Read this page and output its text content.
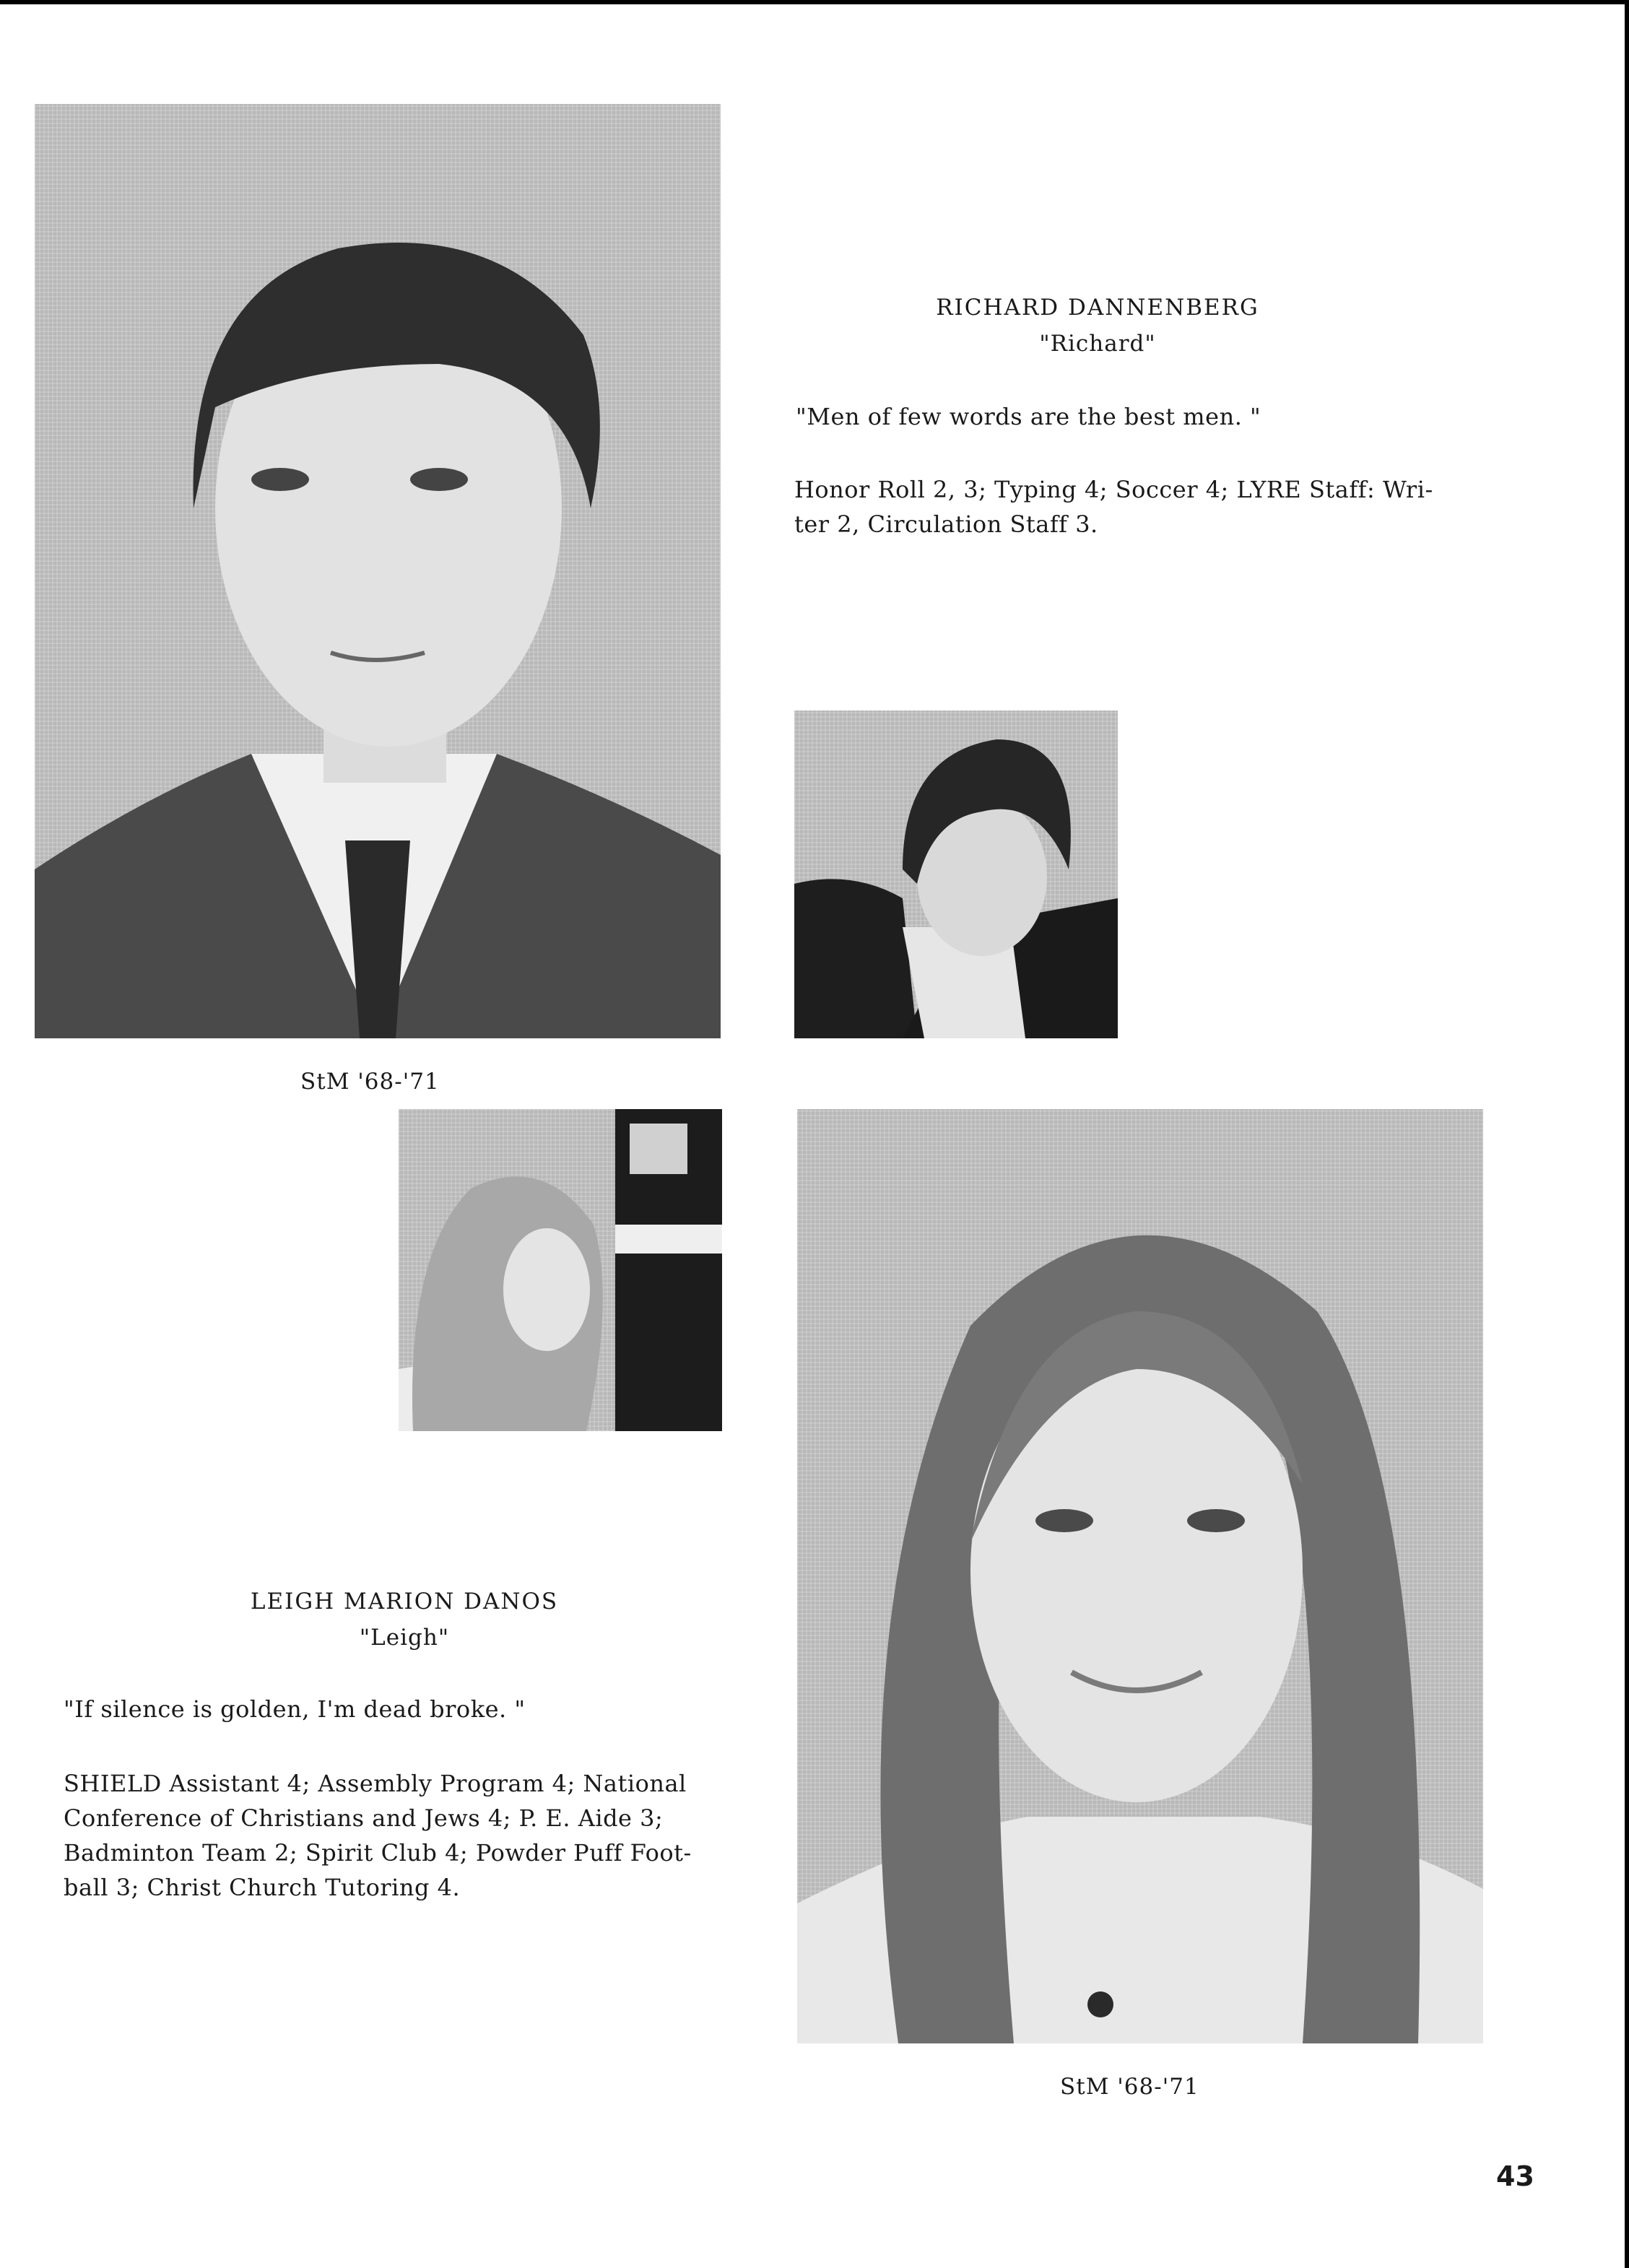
RICHARD DANNENBERG
"Richard"
"Men of few words are the best men. "
Honor Roll 2, 3; Typing 4; Soccer 4; LYRE Staff: Wri-
ter 2, Circulation Staff 3.
StM '68-'71
LEIGH MARION DANOS
"Leigh"
"If silence is golden, I'm dead broke. "
SHIELD Assistant 4; Assembly Program 4; National
Conference of Christians and Jews 4; P. E. Aide 3;
Badminton Team 2; Spirit Club 4; Powder Puff Foot-
ball 3; Christ Church Tutoring 4.
StM '68-'71
43
